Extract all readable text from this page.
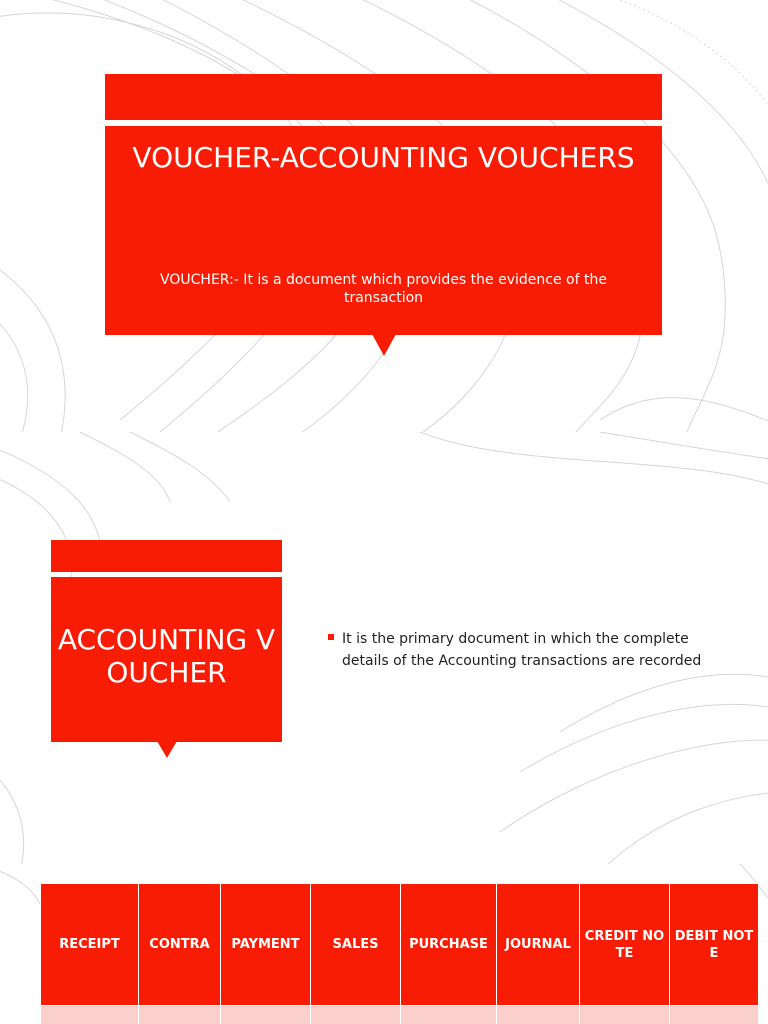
VOUCHER-ACCOUNTING VOUCHERS
VOUCHER:- It is a document which provides the evidence of the transaction
ACCOUNTING VOUCHER
It is the primary document in which the complete details of the Accounting transactions are recorded
RECEIPT	CONTRA	PAYMENT	SALES	PURCHASE	JOURNAL	CREDIT NOTE	DEBIT NOTE
